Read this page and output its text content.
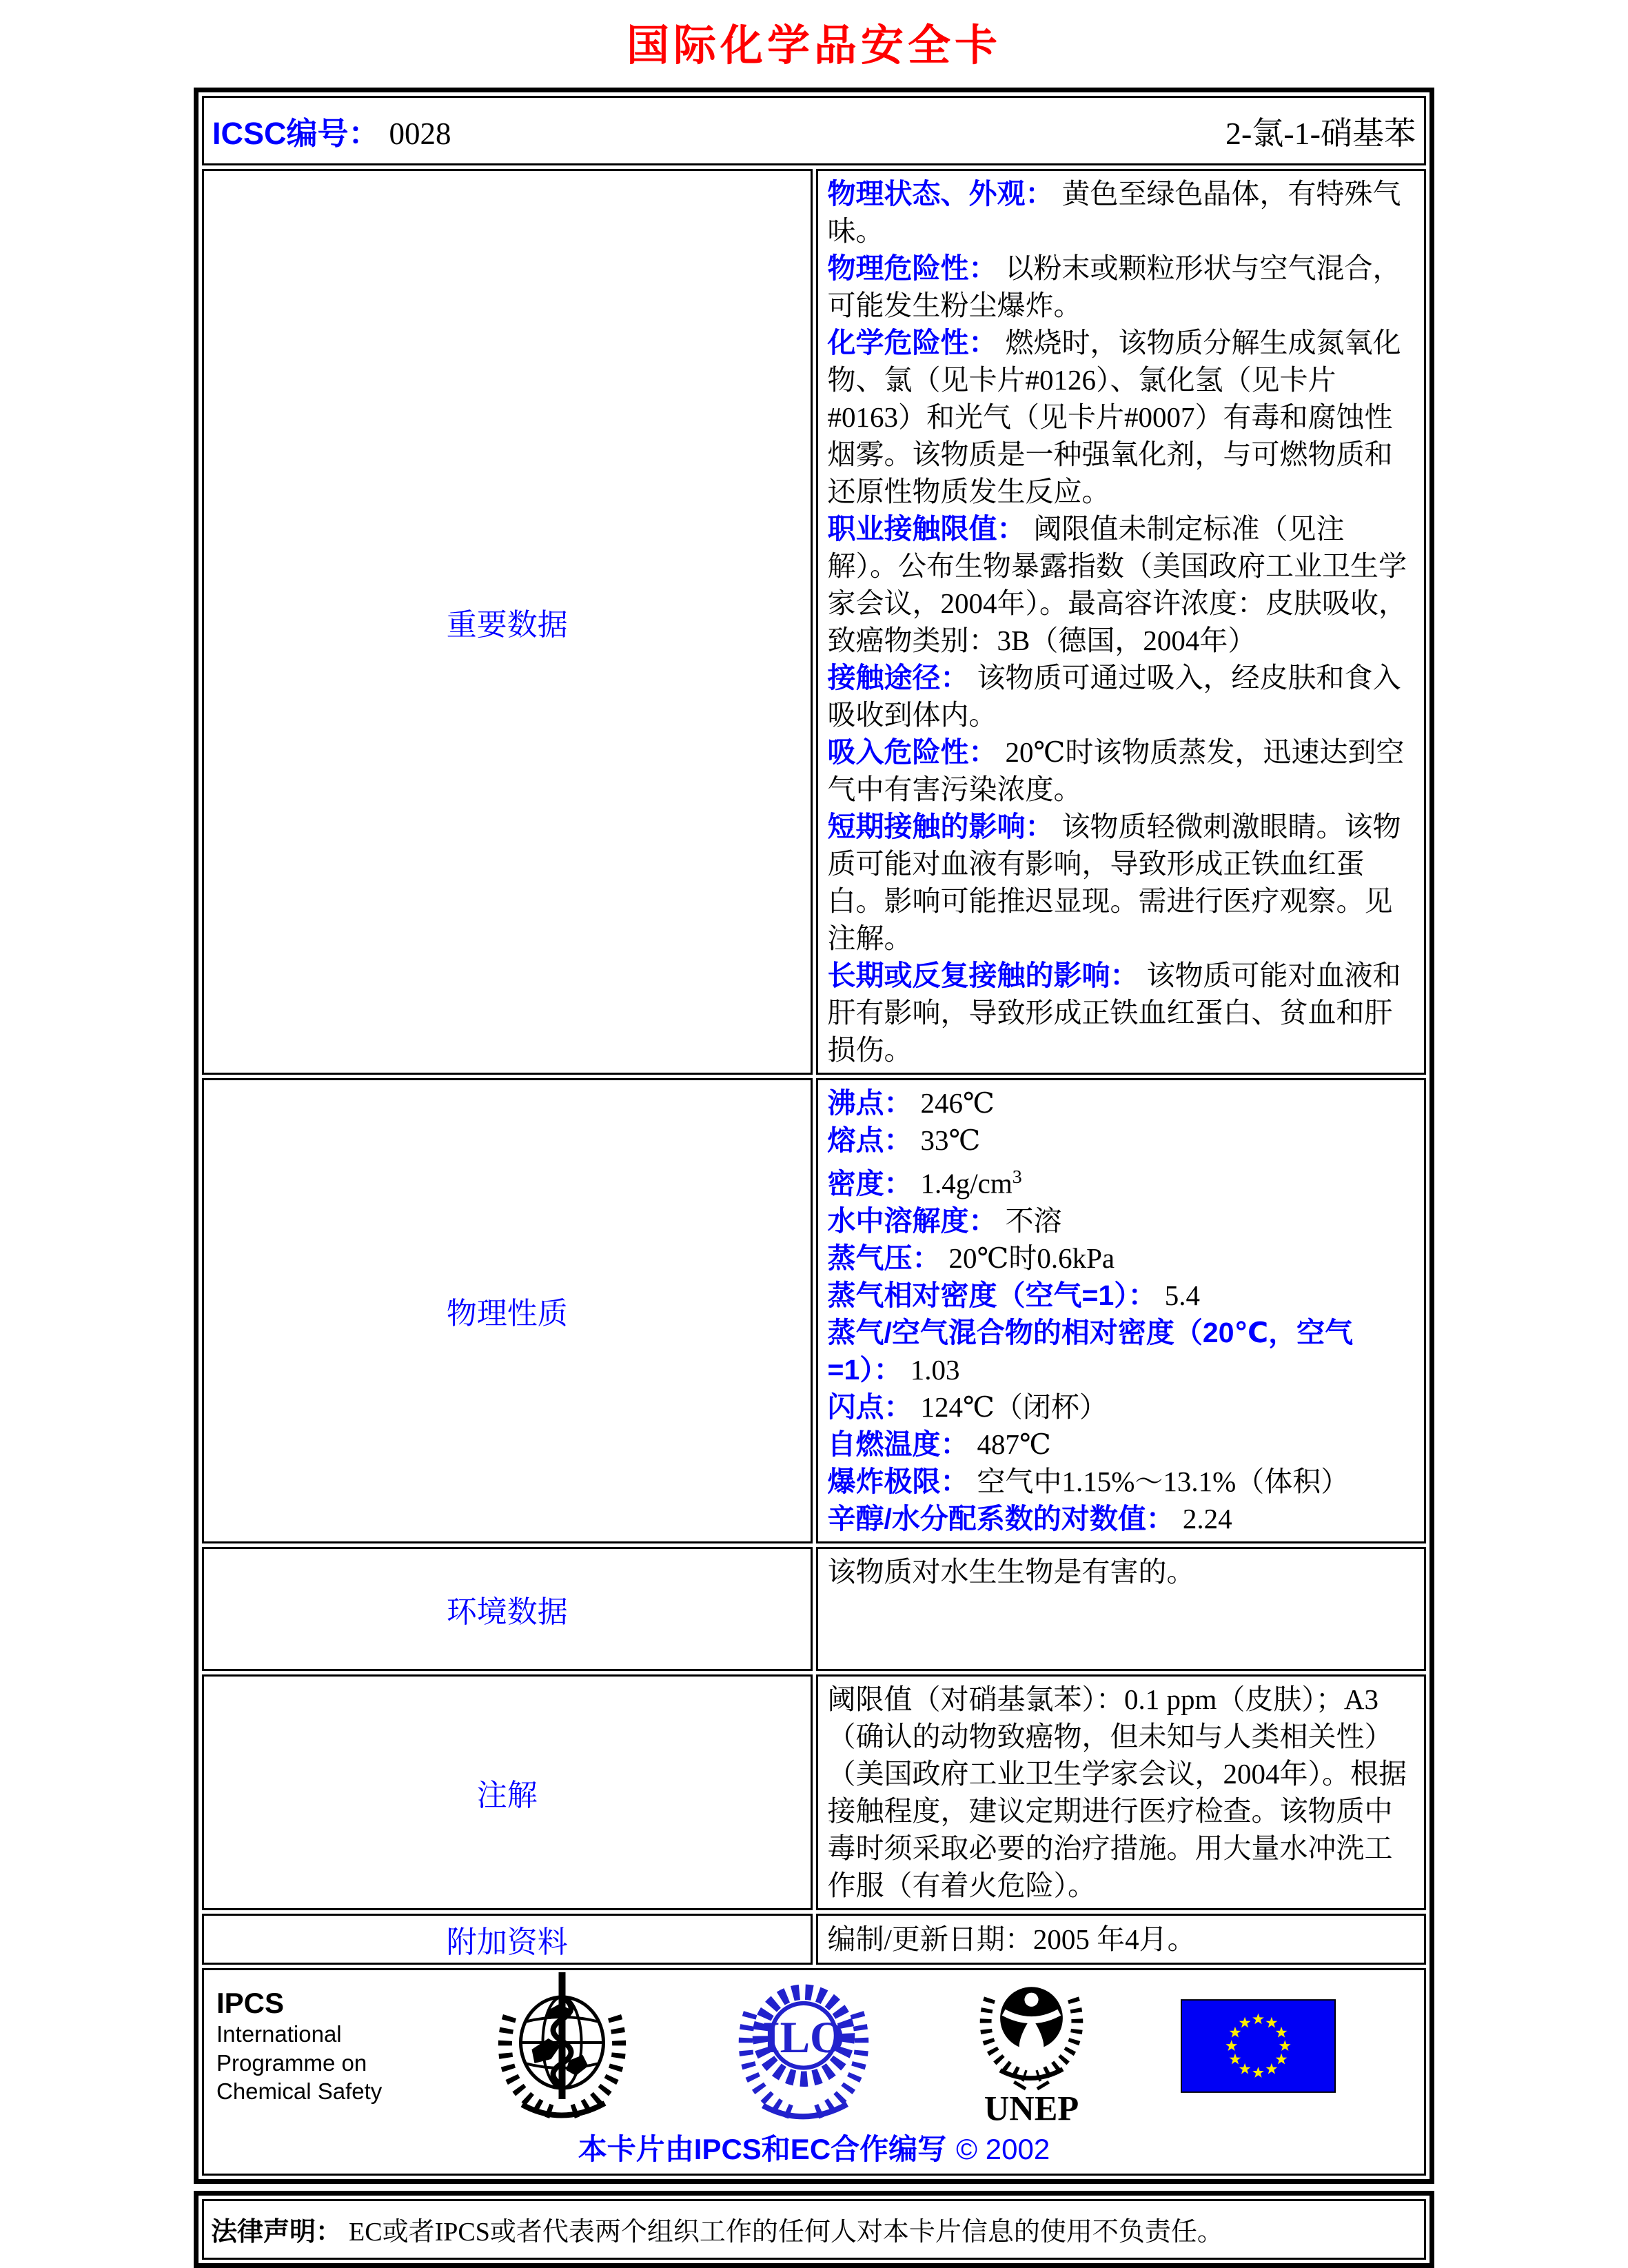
国际化学品安全卡
ICSC编号： 0028 2-氯-1-硝基苯	

重要数据	
物理状态、外观： 黄色至绿色晶体，有特殊气味。
物理危险性： 以粉末或颗粒形状与空气混合，可能发生粉尘爆炸。
化学危险性： 燃烧时，该物质分解生成氮氧化物、氯（见卡片#0126）、氯化氢（见卡片#0163）和光气（见卡片#0007）有毒和腐蚀性烟雾。该物质是一种强氧化剂，与可燃物质和还原性物质发生反应。
职业接触限值： 阈限值未制定标准（见注解）。公布生物暴露指数（美国政府工业卫生学家会议，2004年）。最高容许浓度：皮肤吸收，致癌物类别：3B（德国，2004年）
接触途径： 该物质可通过吸入，经皮肤和食入吸收到体内。
吸入危险性： 20℃时该物质蒸发，迅速达到空气中有害污染浓度。
短期接触的影响： 该物质轻微刺激眼睛。该物质可能对血液有影响，导致形成正铁血红蛋白。影响可能推迟显现。需进行医疗观察。见注解。
长期或反复接触的影响： 该物质可能对血液和肝有影响，导致形成正铁血红蛋白、贫血和肝损伤。

物理性质	
沸点： 246℃
熔点： 33℃
密度： $1.4g/cm^3$
水中溶解度： 不溶
蒸气压： 20℃时0.6kPa
蒸气相对密度（空气=1）： 5.4
蒸气/空气混合物的相对密度（20℃，空气=1）： 1.03
闪点： 124℃（闭杯）
自燃温度： 487℃
爆炸极限： 空气中1.15%～13.1%（体积）
辛醇/水分配系数的对数值： 2.24

环境数据	该物质对水生生物是有害的。
注解	阈限值（对硝基氯苯）：0.1 ppm（皮肤）；A3（确认的动物致癌物，但未知与人类相关性）（美国政府工业卫生学家会议，2004年）。根据接触程度，建议定期进行医疗检查。该物质中毒时须采取必要的治疗措施。用大量水冲洗工作服（有着火危险）。
附加资料	编制/更新日期：2005 年4月。

IPCS
International
Programme on
Chemical Safety
ILO
UNEP
本卡片由IPCS和EC合作编写 © 2002
法律声明： EC或者IPCS或者代表两个组织工作的任何人对本卡片信息的使用不负责任。
